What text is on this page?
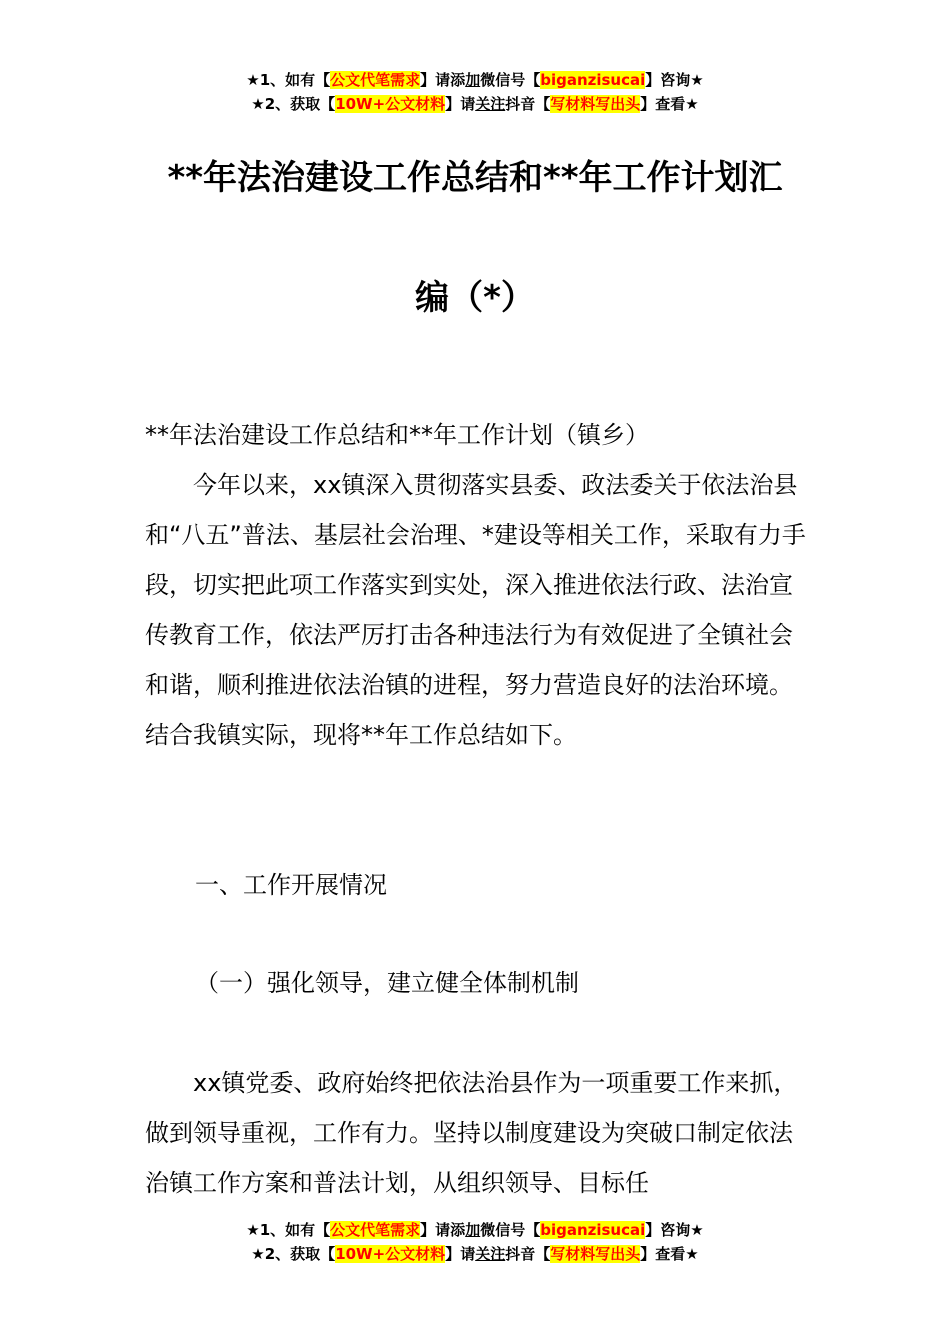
★1、如有【公文代笔需求】请添加微信号【biganzisucai】咨询★
★2、获取【10W+公文材料】请关注抖音【写材料写出头】查看★
**年法治建设工作总结和**年工作计划汇
编（*）
**年法治建设工作总结和**年工作计划（镇乡）

今年以来，xx镇深入贯彻落实县委、政法委关于依法治县和“八五”普法、基层社会治理、*建设等相关工作，采取有力手段，切实把此项工作落实到实处，深入推进依法行政、法治宣传教育工作，依法严厉打击各种违法行为有效促进了全镇社会和谐，顺利推进依法治镇的进程，努力营造良好的法治环境。结合我镇实际，现将**年工作总结如下。

一、工作开展情况
（一）强化领导，建立健全体制机制

xx镇党委、政府始终把依法治县作为一项重要工作来抓，做到领导重视，工作有力。坚持以制度建设为突破口制定依法治镇工作方案和普法计划，从组织领导、目标任

★1、如有【公文代笔需求】请添加微信号【biganzisucai】咨询★
★2、获取【10W+公文材料】请关注抖音【写材料写出头】查看★
